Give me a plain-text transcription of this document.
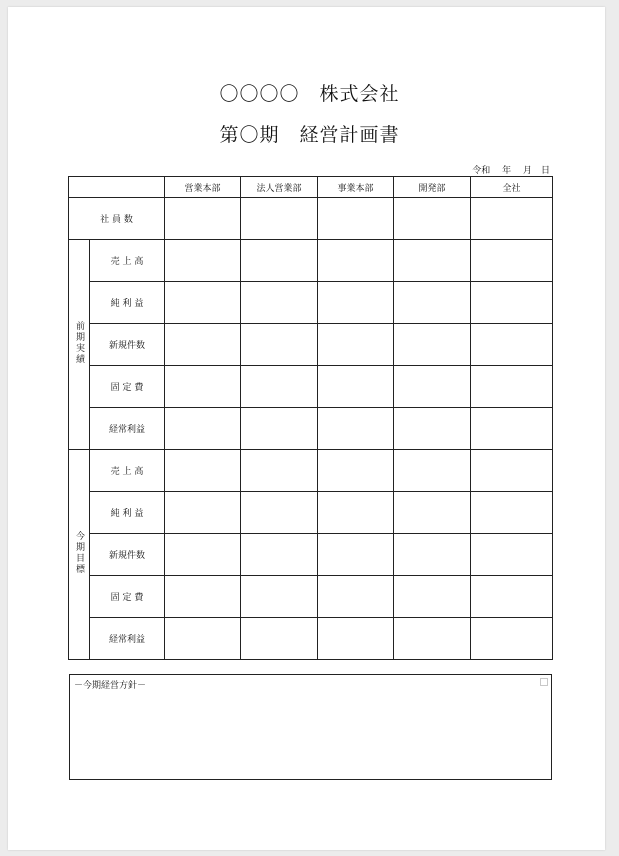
〇〇〇〇　株式会社
第〇期　経営計画書
令和　 年　 月　日
		営業本部	法人営業部	事業本部	開発部	全社
社 員 数						
前期実績	売 上 高					
	純 利 益					
	新規件数					
	固 定 費					
	経常利益					
今期目標	売 上 高					
	純 利 益					
	新規件数					
	固 定 費					
	経常利益					
－今期経営方針－
